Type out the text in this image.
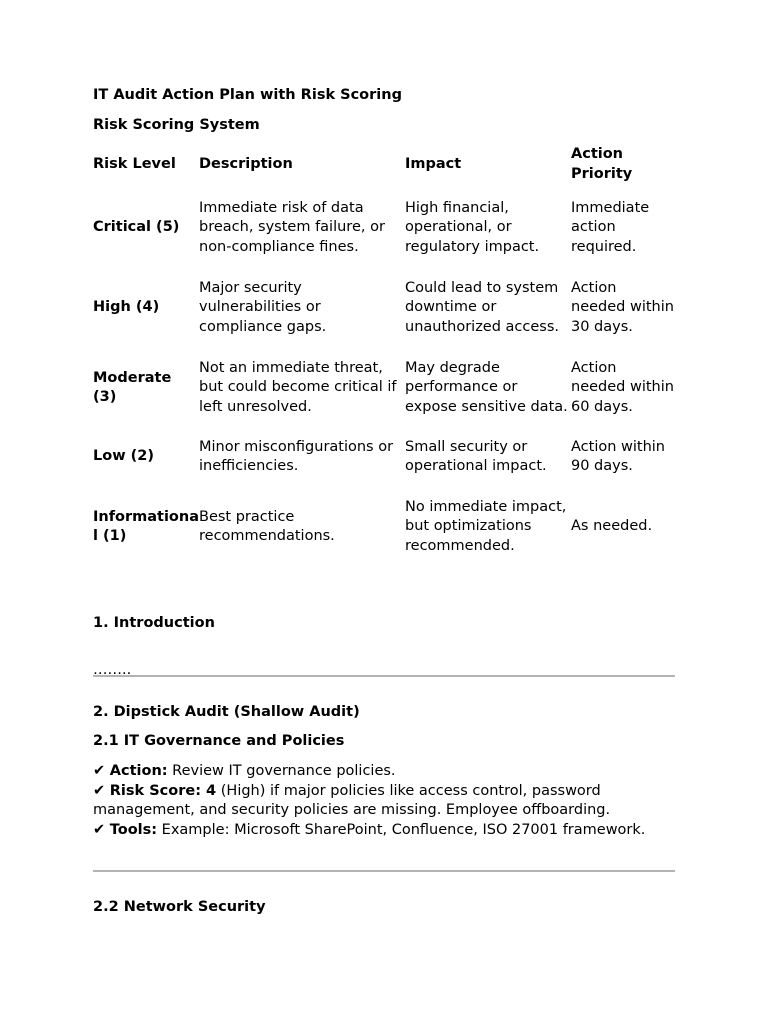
IT Audit Action Plan with Risk Scoring

Risk Scoring System

Risk Level	Description	Impact	Action Priority
Critical (5)	Immediate risk of data breach, system failure, or non-compliance fines.	High financial, operational, or regulatory impact.	Immediate action required.
High (4)	Major security vulnerabilities or compliance gaps.	Could lead to system downtime or unauthorized access.	Action needed within 30 days.
Moderate (3)	Not an immediate threat, but could become critical if left unresolved.	May degrade performance or expose sensitive data.	Action needed within 60 days.
Low (2)	Minor misconfigurations or inefficiencies.	Small security or operational impact.	Action within 90 days.
Informational (1)	Best practice recommendations.	No immediate impact, but optimizations recommended.	As needed.

1. Introduction

……..

2. Dipstick Audit (Shallow Audit)

2.1 IT Governance and Policies

✔ Action: Review IT governance policies.

✔ Risk Score: 4 (High) if major policies like access control, password management, and security policies are missing. Employee offboarding.

✔ Tools: Example: Microsoft SharePoint, Confluence, ISO 27001 framework.

2.2 Network Security
